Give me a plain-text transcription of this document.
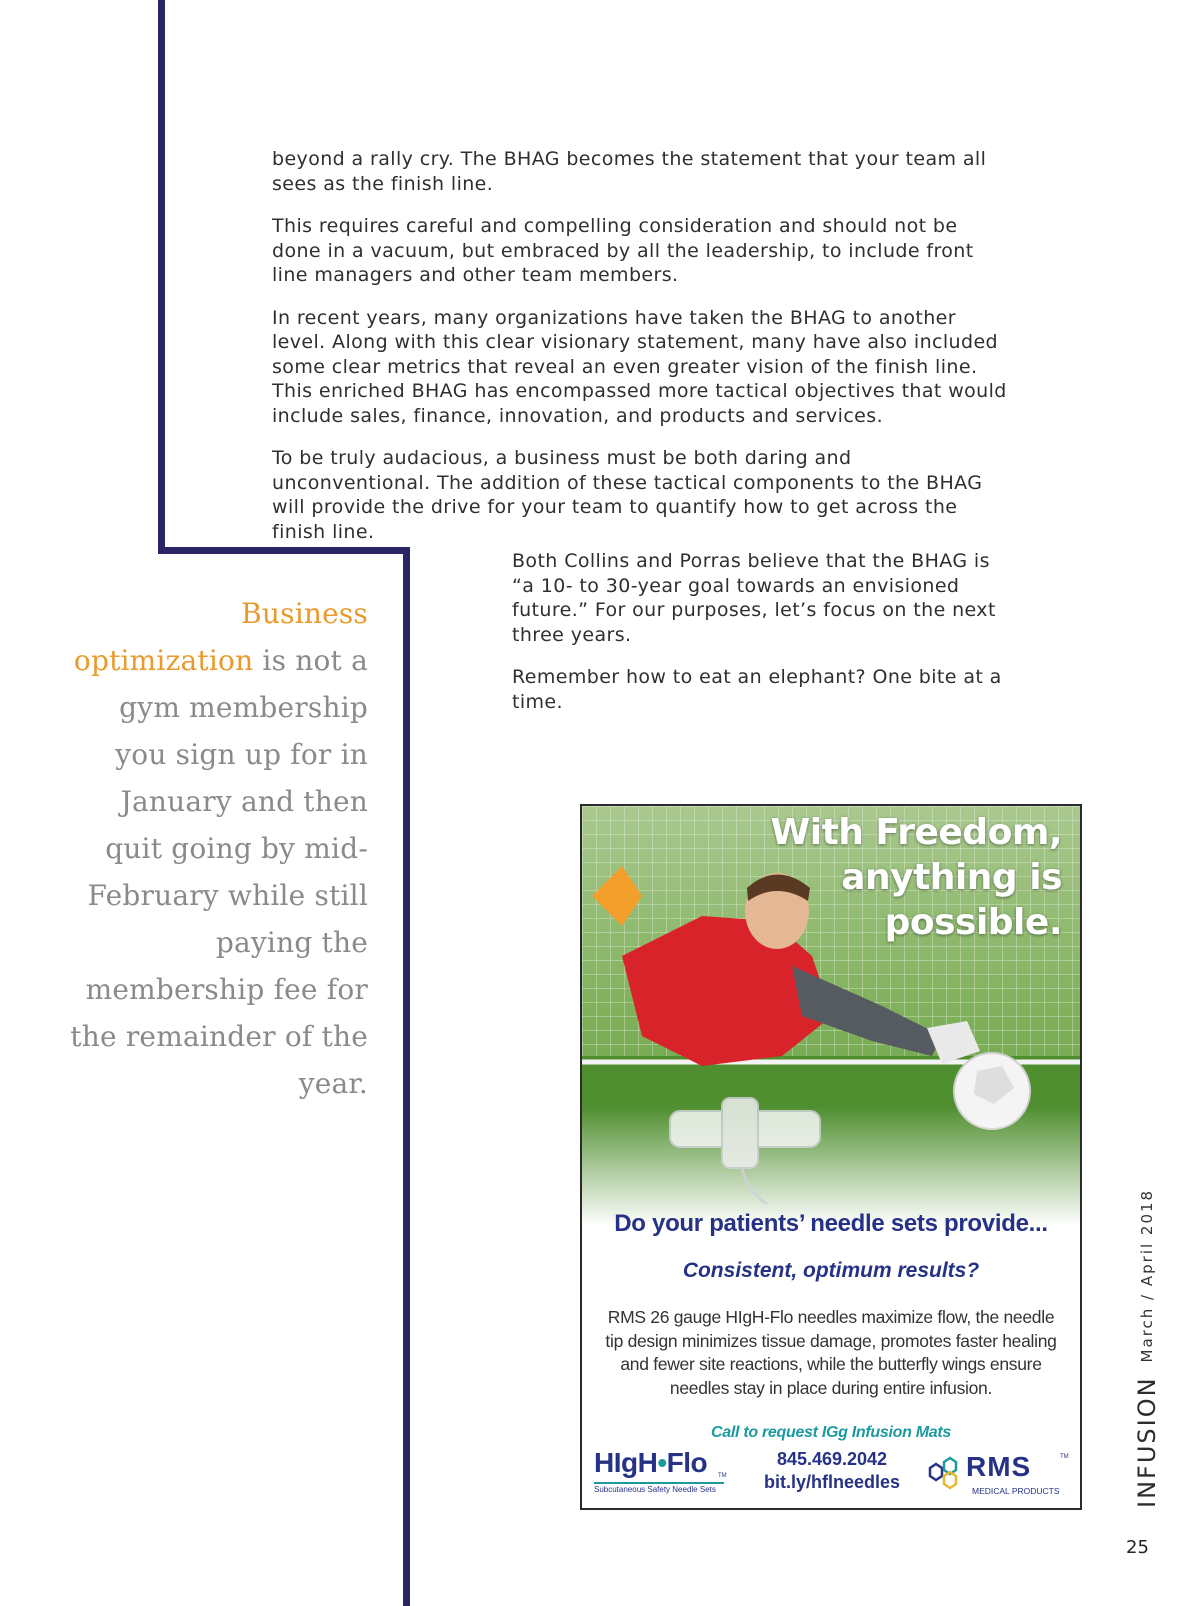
beyond a rally cry. The BHAG becomes the statement that your team all sees as the finish line.

This requires careful and compelling consideration and should not be done in a vacuum, but embraced by all the leadership, to include front line managers and other team members.

In recent years, many organizations have taken the BHAG to another level. Along with this clear visionary statement, many have also included some clear metrics that reveal an even greater vision of the finish line. This enriched BHAG has encompassed more tactical objectives that would include sales, finance, innovation, and products and services.

To be truly audacious, a business must be both daring and unconventional. The addition of these tactical components to the BHAG will provide the drive for your team to quantify how to get across the finish line.

Both Collins and Porras believe that the BHAG is “a 10- to 30-year goal towards an envisioned future.” For our purposes, let’s focus on the next three years.

Remember how to eat an elephant? One bite at a time.

Business optimization is not a gym membership you sign up for in January and then quit going by mid-February while still paying the membership fee for the remainder of the year.
With Freedom, anything is possible.
Do your patients’ needle sets provide...
Consistent, optimum results?
RMS 26 gauge HIgH-Flo needles maximize flow, the needle tip design minimizes tissue damage, promotes faster healing and fewer site reactions, while the butterfly wings ensure needles stay in place during entire infusion.
Call to request IGg Infusion Mats
845.469.2042
bit.ly/hflneedles
HIgH•Flo TM
Subcutaneous Safety Needle Sets
RMS	TM
MEDICAL PRODUCTS	INFUSION
March / April 2018
25
